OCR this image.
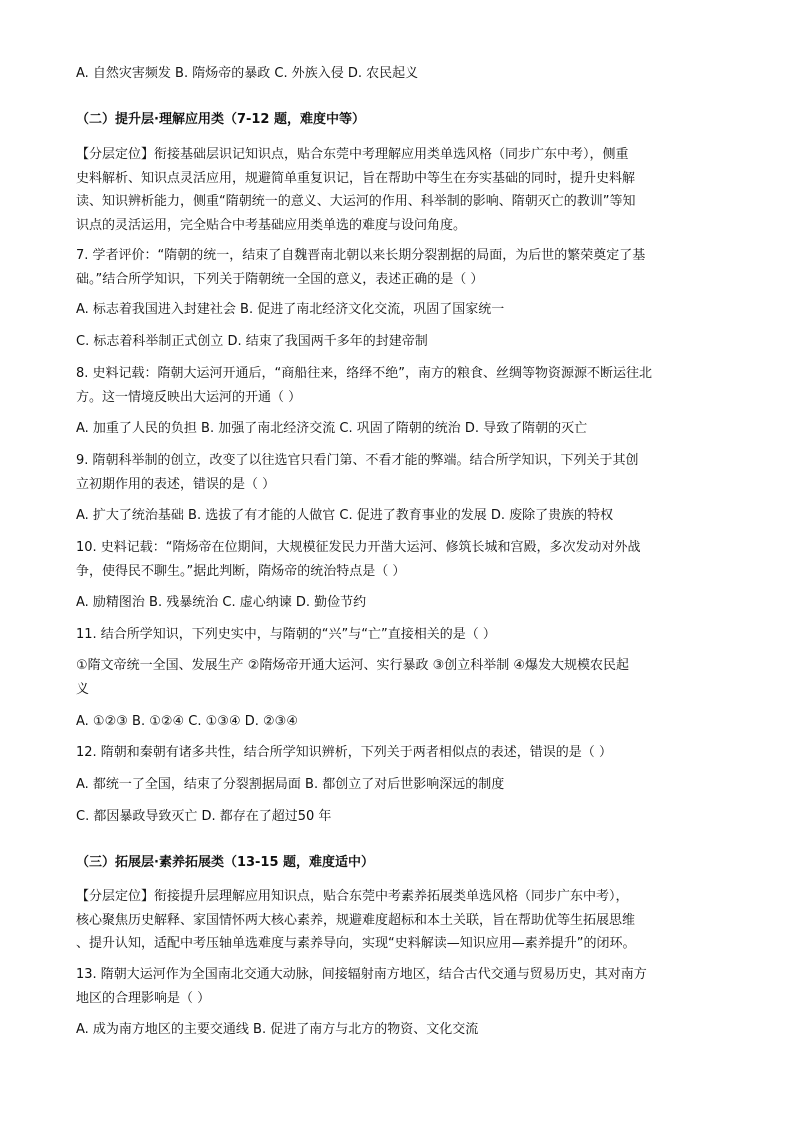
A. 自然灾害频发 B. 隋炀帝的暴政 C. 外族入侵 D. 农民起义
（二）提升层·理解应用类（7-12 题，难度中等）
【分层定位】衔接基础层识记知识点，贴合东莞中考理解应用类单选风格（同步广东中考），侧重
史料解析、知识点灵活应用，规避简单重复识记，旨在帮助中等生在夯实基础的同时，提升史料解
读、知识辨析能力，侧重“隋朝统一的意义、大运河的作用、科举制的影响、隋朝灭亡的教训”等知
识点的灵活运用，完全贴合中考基础应用类单选的难度与设问角度。
7. 学者评价：“隋朝的统一，结束了自魏晋南北朝以来长期分裂割据的局面，为后世的繁荣奠定了基
础。”结合所学知识，下列关于隋朝统一全国的意义，表述正确的是（ ）
A. 标志着我国进入封建社会 B. 促进了南北经济文化交流，巩固了国家统一
C. 标志着科举制正式创立 D. 结束了我国两千多年的封建帝制
8. 史料记载：隋朝大运河开通后，“商船往来，络绎不绝”，南方的粮食、丝绸等物资源源不断运往北
方。这一情境反映出大运河的开通（ ）
A. 加重了人民的负担 B. 加强了南北经济交流 C. 巩固了隋朝的统治 D. 导致了隋朝的灭亡
9. 隋朝科举制的创立，改变了以往选官只看门第、不看才能的弊端。结合所学知识，下列关于其创
立初期作用的表述，错误的是（ ）
A. 扩大了统治基础 B. 选拔了有才能的人做官 C. 促进了教育事业的发展 D. 废除了贵族的特权
10. 史料记载：“隋炀帝在位期间，大规模征发民力开凿大运河、修筑长城和宫殿，多次发动对外战
争，使得民不聊生。”据此判断，隋炀帝的统治特点是（ ）
A. 励精图治 B. 残暴统治 C. 虚心纳谏 D. 勤俭节约
11. 结合所学知识，下列史实中，与隋朝的“兴”与“亡”直接相关的是（ ）
①隋文帝统一全国、发展生产 ②隋炀帝开通大运河、实行暴政 ③创立科举制 ④爆发大规模农民起
义
A. ①②③ B. ①②④ C. ①③④ D. ②③④
12. 隋朝和秦朝有诸多共性，结合所学知识辨析，下列关于两者相似点的表述，错误的是（ ）
A. 都统一了全国，结束了分裂割据局面 B. 都创立了对后世影响深远的制度
C. 都因暴政导致灭亡 D. 都存在了超过50 年
（三）拓展层·素养拓展类（13-15 题，难度适中）
【分层定位】衔接提升层理解应用知识点，贴合东莞中考素养拓展类单选风格（同步广东中考），
核心聚焦历史解释、家国情怀两大核心素养，规避难度超标和本土关联，旨在帮助优等生拓展思维
、提升认知，适配中考压轴单选难度与素养导向，实现“史料解读—知识应用—素养提升”的闭环。
13. 隋朝大运河作为全国南北交通大动脉，间接辐射南方地区，结合古代交通与贸易历史，其对南方
地区的合理影响是（ ）
A. 成为南方地区的主要交通线 B. 促进了南方与北方的物资、文化交流
